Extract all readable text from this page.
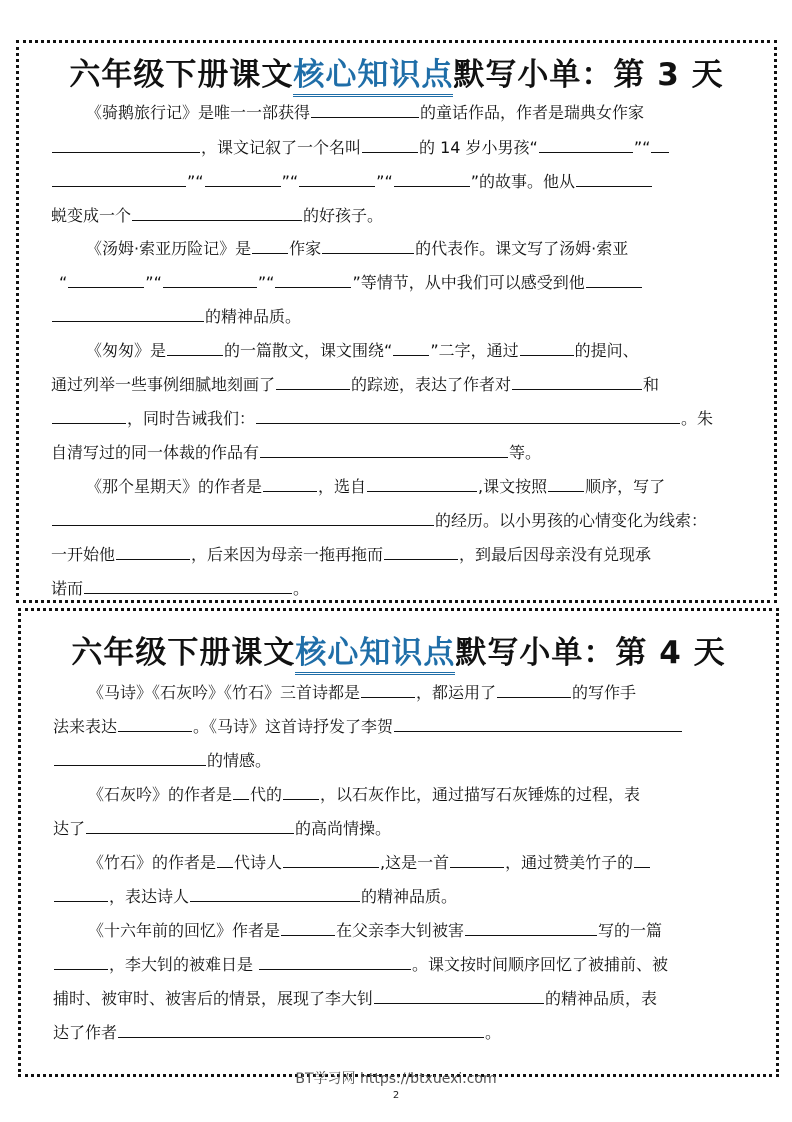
六年级下册课文核心知识点默写小单：第 3 天
《骑鹅旅行记》是唯一一部获得	的童话作品，作者是瑞典女作家
，课文记叙了一个名叫	的 14 岁小男孩“	”“
”“	”“	”“	”的故事。他从
蜕变成一个	的好孩子。
《汤姆·索亚历险记》是 作家	的代表作。课文写了汤姆·索亚
“	”“	”“	”等情节，从中我们可以感受到他
的精神品质。
《匆匆》是	的一篇散文，课文围绕“ ”二字，通过	的提问、
通过列举一些事例细腻地刻画了	的踪迹，表达了作者对	和
，同时告诫我们：	。朱
自清写过的同一体裁的作品有	等。
《那个星期天》的作者是	，选自	,课文按照 顺序，写了
的经历。以小男孩的心情变化为线索：
一开始他	，后来因为母亲一拖再拖而	，到最后因母亲没有兑现承
诺而	。
六年级下册课文核心知识点默写小单：第 4 天
《马诗》《石灰吟》《竹石》三首诗都是	，都运用了	的写作手
法来表达	。《马诗》这首诗抒发了李贺
的情感。
《石灰吟》的作者是 代的 ，以石灰作比，通过描写石灰锤炼的过程，表
达了	的高尚情操。
《竹石》的作者是 代诗人	,这是一首	，通过赞美竹子的
，表达诗人	的精神品质。
《十六年前的回忆》作者是	在父亲李大钊被害	写的一篇
，李大钊的被难日是	。课文按时间顺序回忆了被捕前、被
捕时、被审时、被害后的情景，展现了李大钊	的精神品质，表
达了作者	。
BT学习网 https://btxuexi.com
2
